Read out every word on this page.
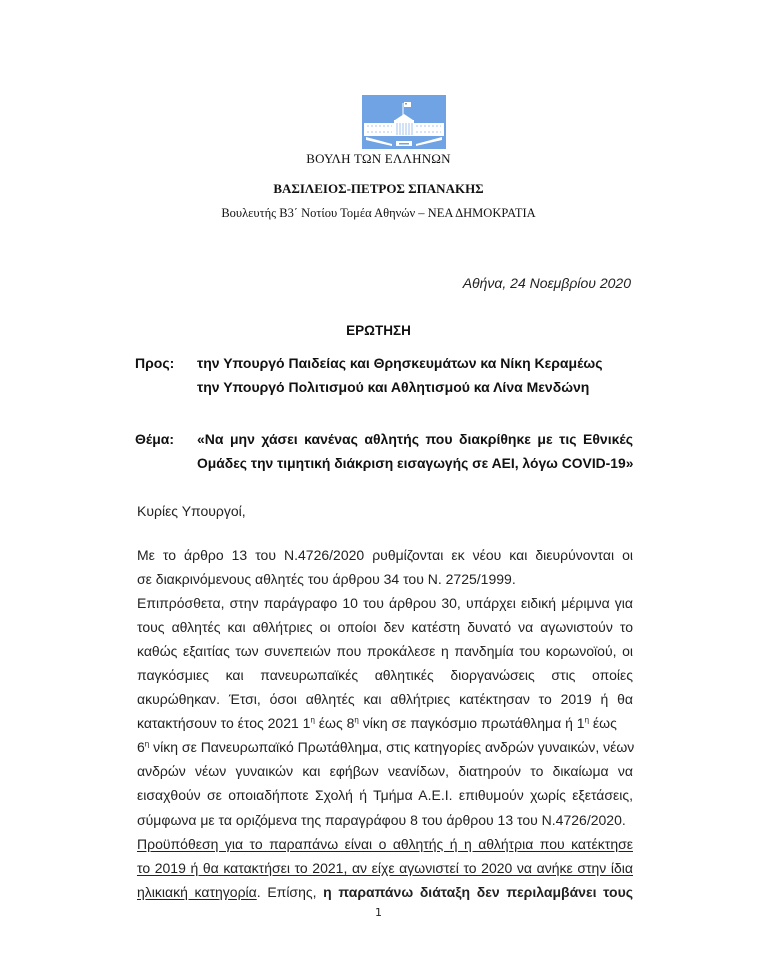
ΒΟΥΛΗ ΤΩΝ ΕΛΛΗΝΩΝ
ΒΑΣΙΛΕΙΟΣ-ΠΕΤΡΟΣ ΣΠΑΝΑΚΗΣ
Βουλευτής Β3΄ Νοτίου Τομέα Αθηνών – ΝΕΑ ΔΗΜΟΚΡΑΤΙΑ
Αθήνα, 24 Νοεμβρίου 2020
ΕΡΩΤΗΣΗ
Προς: την Υπουργό Παιδείας και Θρησκευμάτων κα Νίκη Κεραμέως
την Υπουργό Πολιτισμού και Αθλητισμού κα Λίνα Μενδώνη
Θέμα: «Να μην χάσει κανένας αθλητής που διακρίθηκε με τις Εθνικές
Ομάδες την τιμητική διάκριση εισαγωγής σε ΑΕΙ, λόγω COVID-19»
Κυρίες Υπουργοί,
Με το άρθρο 13 του Ν.4726/2020 ρυθμίζονται εκ νέου και διευρύνονται οι
σε διακρινόμενους αθλητές του άρθρου 34 του Ν. 2725/1999.
Επιπρόσθετα, στην παράγραφο 10 του άρθρου 30, υπάρχει ειδική μέριμνα για
τους αθλητές και αθλήτριες οι οποίοι δεν κατέστη δυνατό να αγωνιστούν το
καθώς εξαιτίας των συνεπειών που προκάλεσε η πανδημία του κορωνοϊού, οι
παγκόσμιες και πανευρωπαϊκές αθλητικές διοργανώσεις στις οποίες
ακυρώθηκαν. Έτσι, όσοι αθλητές και αθλήτριες κατέκτησαν το 2019 ή θα
κατακτήσουν το έτος 2021 $1^\eta$ έως $8^\eta$ νίκη σε παγκόσμιο πρωτάθλημα ή $1^\eta$ έως
$6^\eta$ νίκη σε Πανευρωπαϊκό Πρωτάθλημα, στις κατηγορίες ανδρών γυναικών, νέων
ανδρών νέων γυναικών και εφήβων νεανίδων, διατηρούν το δικαίωμα να
εισαχθούν σε οποιαδήποτε Σχολή ή Τμήμα Α.Ε.Ι. επιθυμούν χωρίς εξετάσεις,
σύμφωνα με τα οριζόμενα της παραγράφου 8 του άρθρου 13 του Ν.4726/2020.
Προϋπόθεση για το παραπάνω είναι ο αθλητής ή η αθλήτρια που κατέκτησε
το 2019 ή θα κατακτήσει το 2021, αν είχε αγωνιστεί το 2020 να ανήκε στην ίδια
ηλικιακή κατηγορία. Επίσης, η παραπάνω διάταξη δεν περιλαμβάνει τους
1
